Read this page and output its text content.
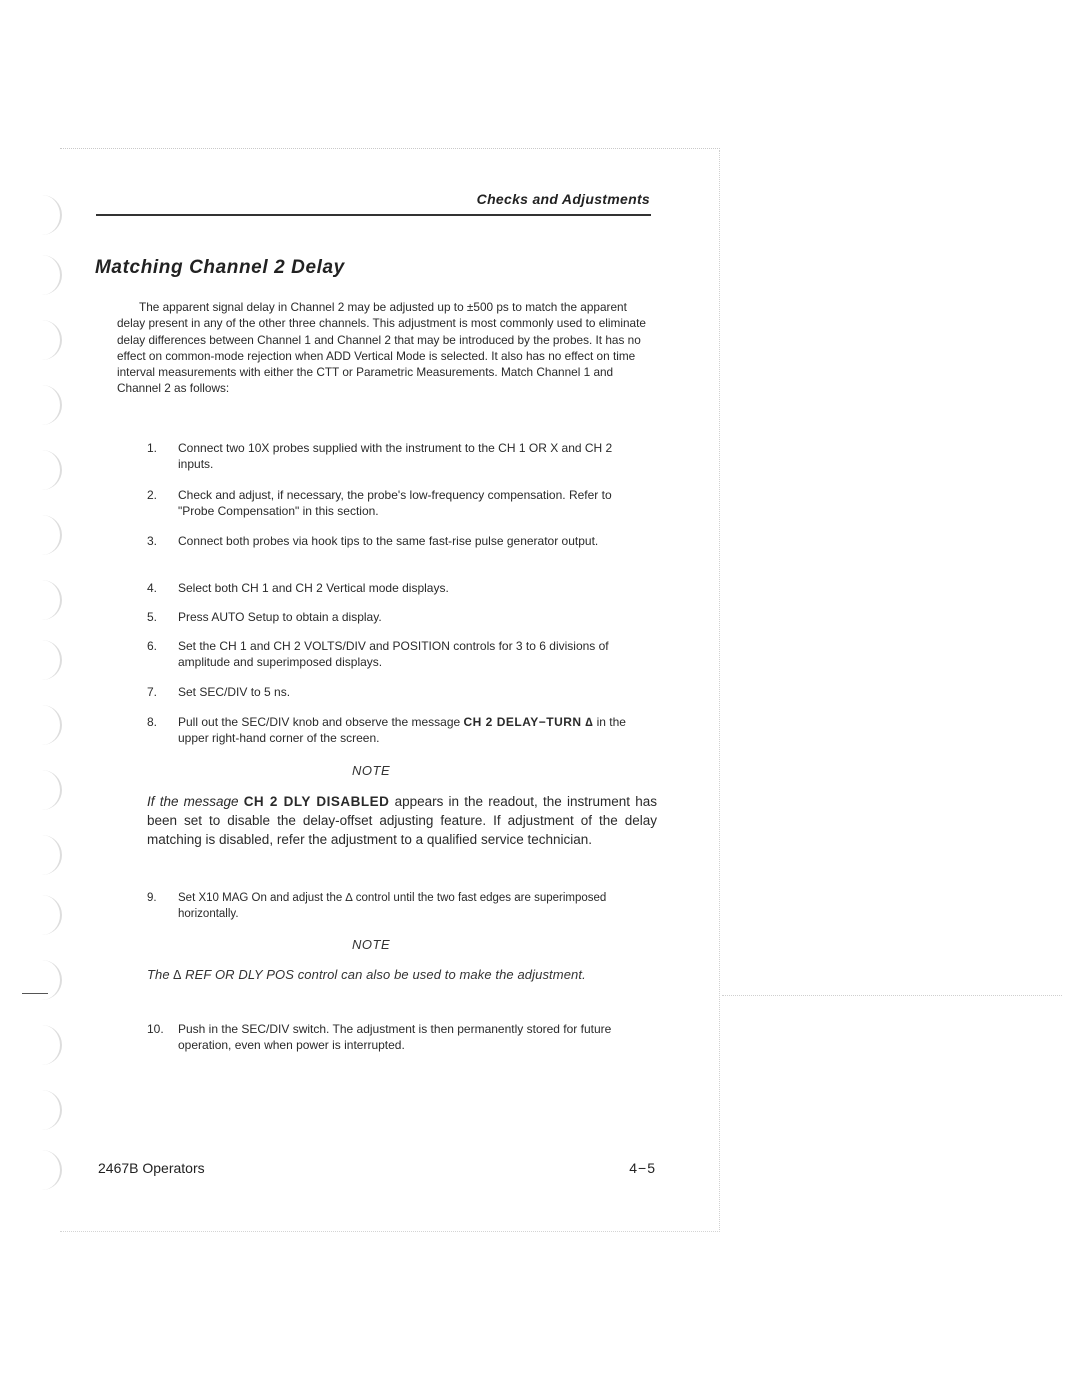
Checks and Adjustments
Matching Channel 2 Delay
The apparent signal delay in Channel 2 may be adjusted up to ±500 ps to match the apparent delay present in any of the other three channels. This adjustment is most commonly used to eliminate delay differences between Channel 1 and Channel 2 that may be introduced by the probes. It has no effect on common-mode rejection when ADD Vertical Mode is selected. It also has no effect on time interval measurements with either the CTT or Parametric Measurements. Match Channel 1 and Channel 2 as follows:
1.	Connect two 10X probes supplied with the instrument to the CH 1 OR X and CH 2 inputs.
2.	Check and adjust, if necessary, the probe's low-frequency compensation. Refer to "Probe Compensation" in this section.
3.	Connect both probes via hook tips to the same fast-rise pulse generator output.
4.	Select both CH 1 and CH 2 Vertical mode displays.
5.	Press AUTO Setup to obtain a display.
6.	Set the CH 1 and CH 2 VOLTS/DIV and POSITION controls for 3 to 6 divisions of amplitude and superimposed displays.
7.	Set SEC/DIV to 5 ns.
8.	Pull out the SEC/DIV knob and observe the message CH 2 DELAY−TURN ∆ in the upper right-hand corner of the screen.
NOTE
If the message CH 2 DLY DISABLED appears in the readout, the instrument has been set to disable the delay-offset adjusting feature. If adjustment of the delay matching is disabled, refer the adjustment to a qualified service technician.
9.	Set X10 MAG On and adjust the ∆ control until the two fast edges are superimposed horizontally.
NOTE
The ∆ REF OR DLY POS control can also be used to make the adjustment.
10.	Push in the SEC/DIV switch. The adjustment is then permanently stored for future operation, even when power is interrupted.
2467B Operators	4−5
